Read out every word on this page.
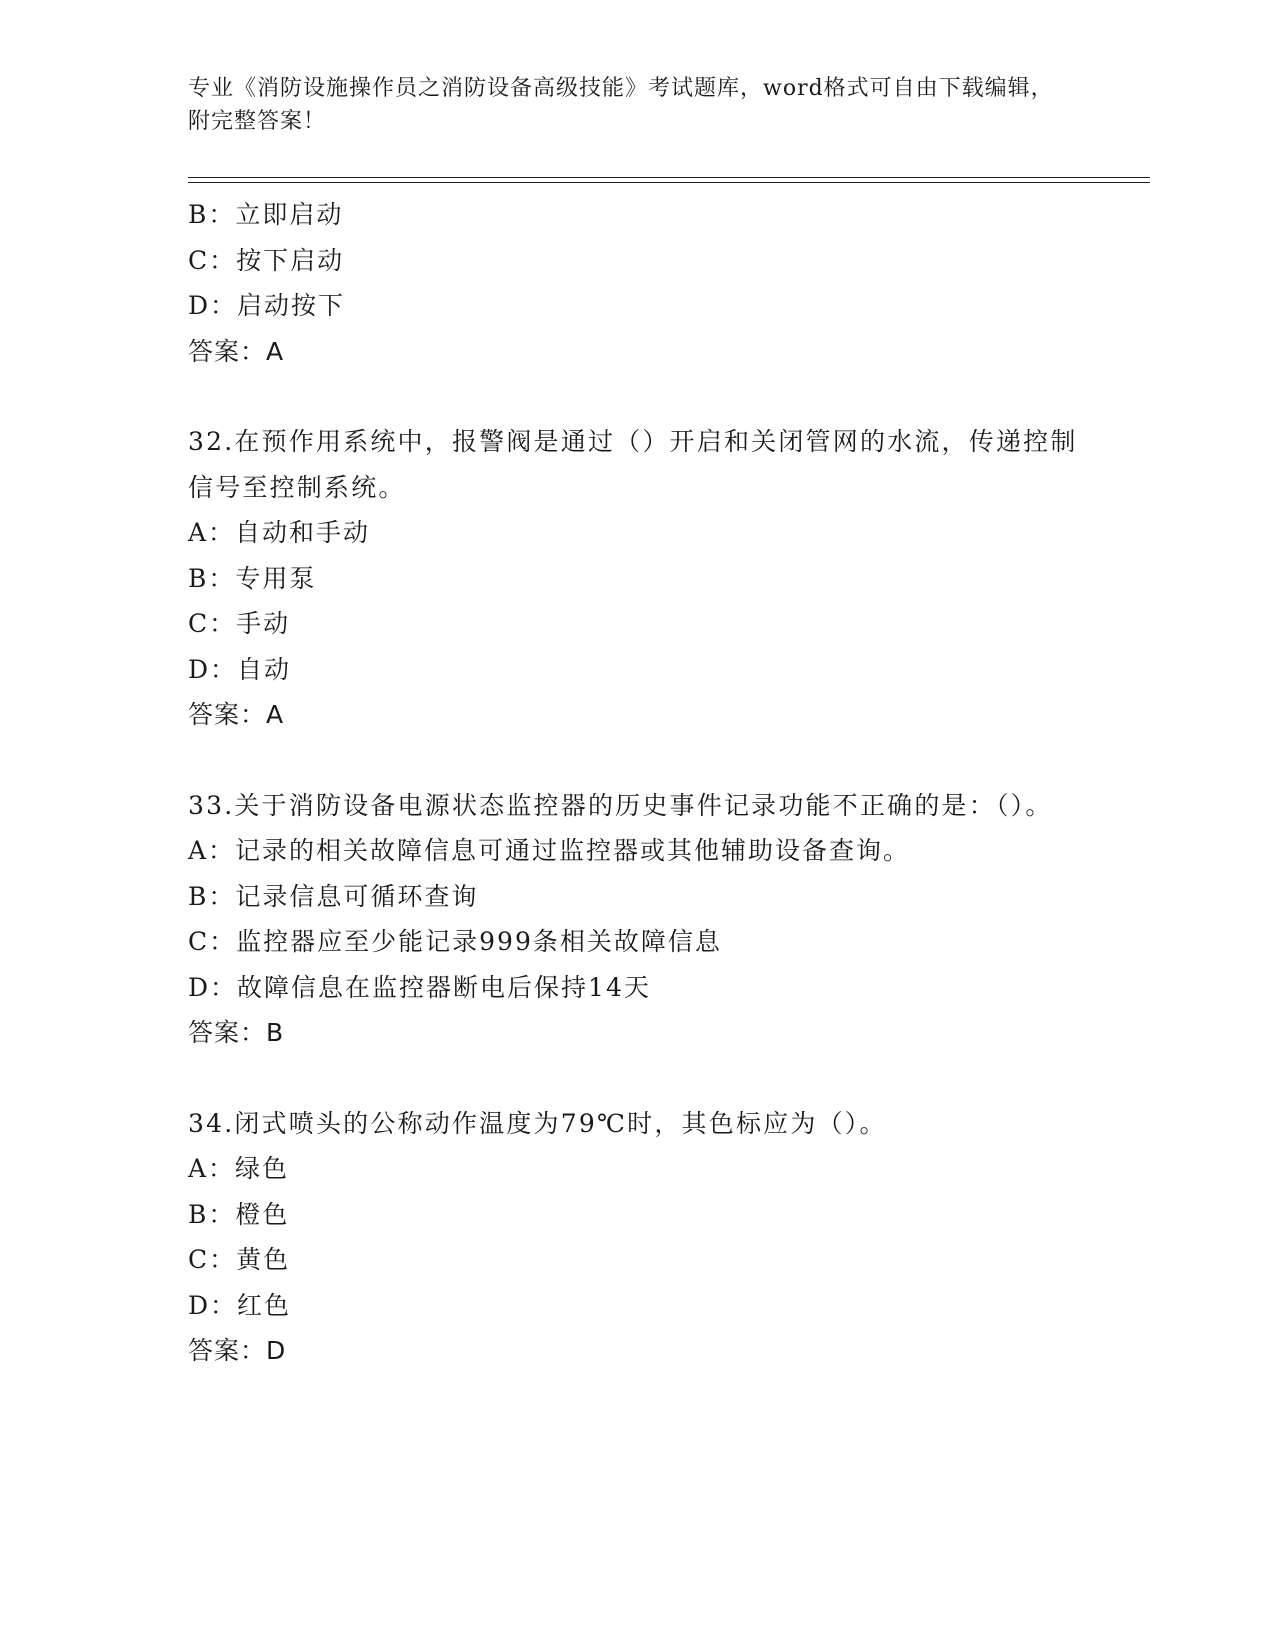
专业《消防设施操作员之消防设备高级技能》考试题库，word格式可自由下载编辑，附完整答案！

B：立即启动

C：按下启动

D：启动按下

答案：A

32.在预作用系统中，报警阀是通过（）开启和关闭管网的水流，传递控制信号至控制系统。

A：自动和手动

B：专用泵

C：手动

D：自动

答案：A

33.关于消防设备电源状态监控器的历史事件记录功能不正确的是：（）。

A：记录的相关故障信息可通过监控器或其他辅助设备查询。

B：记录信息可循环查询

C：监控器应至少能记录999条相关故障信息

D：故障信息在监控器断电后保持14天

答案：B

34.闭式喷头的公称动作温度为79℃时，其色标应为（）。

A：绿色

B：橙色

C：黄色

D：红色

答案：D
